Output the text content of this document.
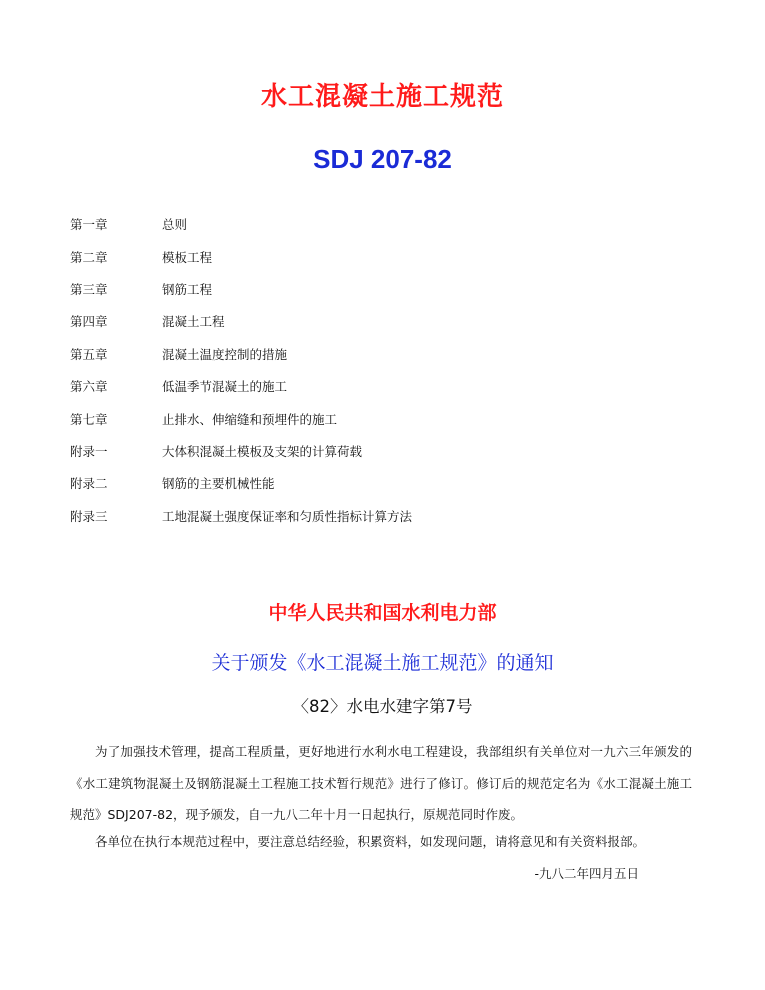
水工混凝土施工规范
SDJ 207-82
第一章	总则
第二章	模板工程
第三章	钢筋工程
第四章	混凝土工程
第五章	混凝土温度控制的措施
第六章	低温季节混凝土的施工
第七章	止排水、伸缩缝和预埋件的施工
附录一	大体积混凝土模板及支架的计算荷载
附录二	钢筋的主要机械性能
附录三	工地混凝土强度保证率和匀质性指标计算方法
中华人民共和国水利电力部
关于颁发《水工混凝土施工规范》的通知
〈82〉水电水建字第7号

为了加强技术管理，提高工程质量，更好地进行水利水电工程建设，我部组织有关单位对一九六三年颁发的《水工建筑物混凝土及钢筋混凝土工程施工技术暂行规范》进行了修订。修订后的规范定名为《水工混凝土施工规范》SDJ207-82，现予颁发，自一九八二年十月一日起执行，原规范同时作废。

各单位在执行本规范过程中，要注意总结经验，积累资料，如发现问题，请将意见和有关资料报部。

-九八二年四月五日
